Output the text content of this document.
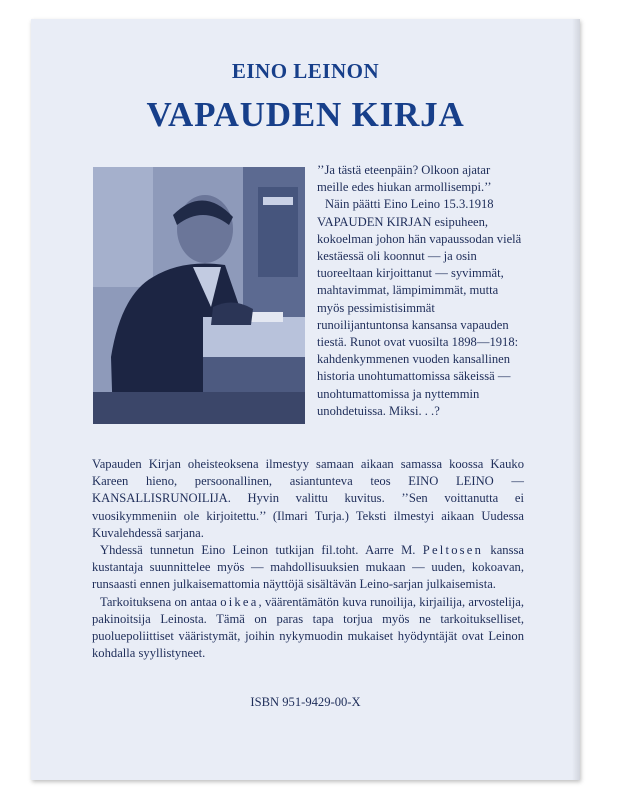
EINO LEINON
VAPAUDEN KIRJA

’’Ja tästä eteenpäin? Olkoon ajatar meille edes hiukan armollisempi.’’

Näin päätti Eino Leino 15.3.1918 VAPAUDEN KIRJAN esipuheen, kokoelman johon hän vapaussodan vielä kestäessä oli koonnut — ja osin tuoreeltaan kirjoittanut — syvimmät, mahtavimmat, lämpimimmät, mutta myös pessimistisimmät runoilijantuntonsa kansansa vapauden tiestä. Runot ovat vuosilta 1898—1918: kahdenkymmenen vuoden kansallinen historia unohtumattomissa säkeissä — unohtumattomissa ja nyttemmin unohdetuissa. Miksi. . .?

Vapauden Kirjan oheisteoksena ilmestyy samaan aikaan samassa koossa Kauko Kareen hieno, persoonallinen, asiantunteva teos EINO LEINO — KANSALLISRUNOILIJA. Hyvin valittu kuvitus. ’’Sen voittanutta ei vuosikymmeniin ole kirjoitettu.’’ (Ilmari Turja.) Teksti ilmestyi aikaan Uudessa Kuvalehdessä sarjana.

Yhdessä tunnetun Eino Leinon tutkijan fil.toht. Aarre M. Peltosen kanssa kustantaja suunnittelee myös — mahdollisuuksien mukaan — uuden, kokoavan, runsaasti ennen julkaisemattomia näyttöjä sisältävän Leino-sarjan julkaisemista.

Tarkoituksena on antaa oikea, väärentämätön kuva runoilija, kirjailija, arvostelija, pakinoitsija Leinosta. Tämä on paras tapa torjua myös ne tarkoitukselliset, puoluepoliittiset vääristymät, joihin nykymuodin mukaiset hyödyntäjät ovat Leinon kohdalla syyllistyneet.

ISBN 951-9429-00-X
